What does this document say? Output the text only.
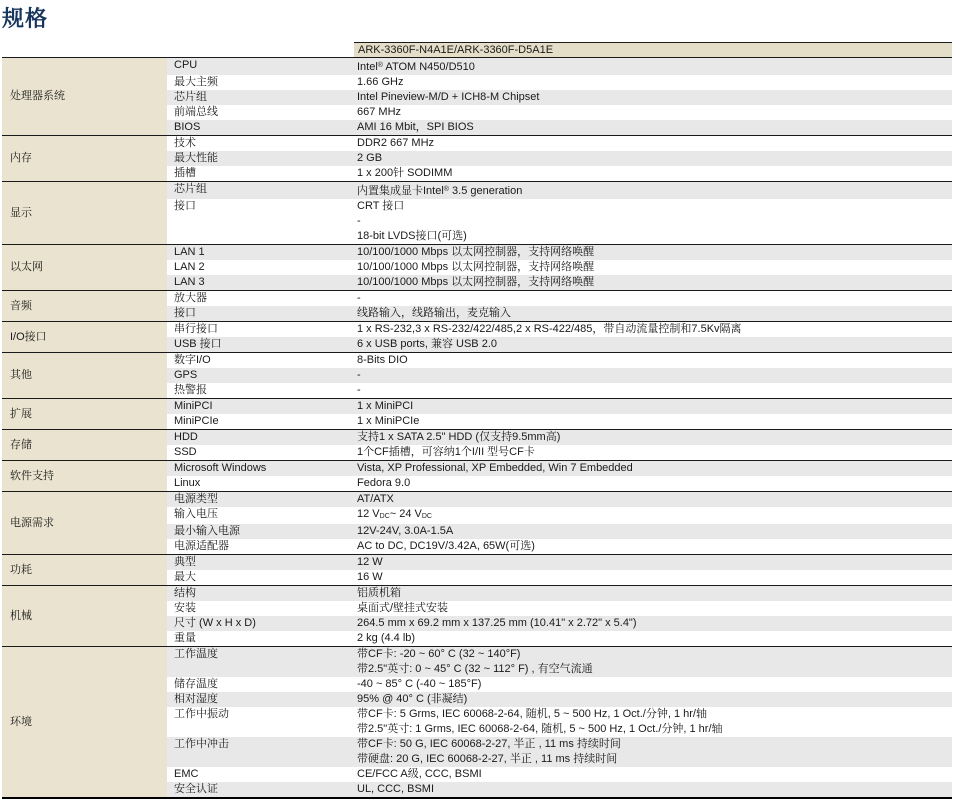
规格
ARK-3360F-N4A1E/ARK-3360F-D5A1E
处理器系统
CPU	Intel® ATOM N450/D510
最大主频	1.66 GHz
芯片组	Intel Pineview-M/D + ICH8-M Chipset
前端总线	667 MHz
BIOS	AMI 16 Mbit，SPI BIOS
内存
技术	DDR2 667 MHz
最大性能	2 GB
插槽	1 x 200针 SODIMM
显示
芯片组	内置集成显卡Intel® 3.5 generation
接口	CRT 接口
-
18-bit LVDS接口(可选)
以太网
LAN 1	10/100/1000 Mbps 以太网控制器，支持网络唤醒
LAN 2	10/100/1000 Mbps 以太网控制器，支持网络唤醒
LAN 3	10/100/1000 Mbps 以太网控制器，支持网络唤醒
音频
放大器	-
接口	线路输入，线路输出，麦克输入
I/O接口
串行接口	1 x RS-232,3 x RS-232/422/485,2 x RS-422/485，带自动流量控制和7.5Kv隔离
USB 接口	6 x USB ports, 兼容 USB 2.0
其他
数字I/O	8-Bits DIO
GPS	-
热警报	-
扩展
MiniPCI	1 x MiniPCI
MiniPCIe	1 x MiniPCIe
存储
HDD	支持1 x SATA 2.5" HDD (仅支持9.5mm高)
SSD	1个CF插槽，可容纳1个I/II 型号CF卡
软件支持
Microsoft Windows	Vista, XP Professional, XP Embedded, Win 7 Embedded
Linux	Fedora 9.0
电源需求
电源类型	AT/ATX
输入电压	12 $V_{DC}\sim$ 24 $V_{DC}$
最小输入电源	12V-24V, 3.0A-1.5A
电源适配器	AC to DC, DC19V/3.42A, 65W(可选)
功耗
典型	12 W
最大	16 W
机械
结构	铝质机箱
安装	桌面式/壁挂式安装
尺寸 (W x H x D)	264.5 mm x 69.2 mm x 137.25 mm (10.41" x 2.72" x 5.4")
重量	2 kg (4.4 lb)
环境
工作温度	带CF卡: -20 ~ 60° C (32 ~ 140°F)
带2.5"英寸: 0 ~ 45° C (32 ~ 112° F) , 有空气流通
储存温度	-40 ~ 85° C (-40 ~ 185°F)
相对湿度	95% @ 40° C (非凝结)
工作中振动	带CF卡: 5 Grms, IEC 60068-2-64, 随机, 5 ~ 500 Hz, 1 Oct./分钟, 1 hr/轴
带2.5"英寸: 1 Grms, IEC 60068-2-64, 随机, 5 ~ 500 Hz, 1 Oct./分钟, 1 hr/轴
工作中冲击	带CF卡: 50 G, IEC 60068-2-27, 半正 , 11 ms 持续时间
带硬盘: 20 G, IEC 60068-2-27, 半正 , 11 ms 持续时间
EMC	CE/FCC A级, CCC, BSMI
安全认证	UL, CCC, BSMI
